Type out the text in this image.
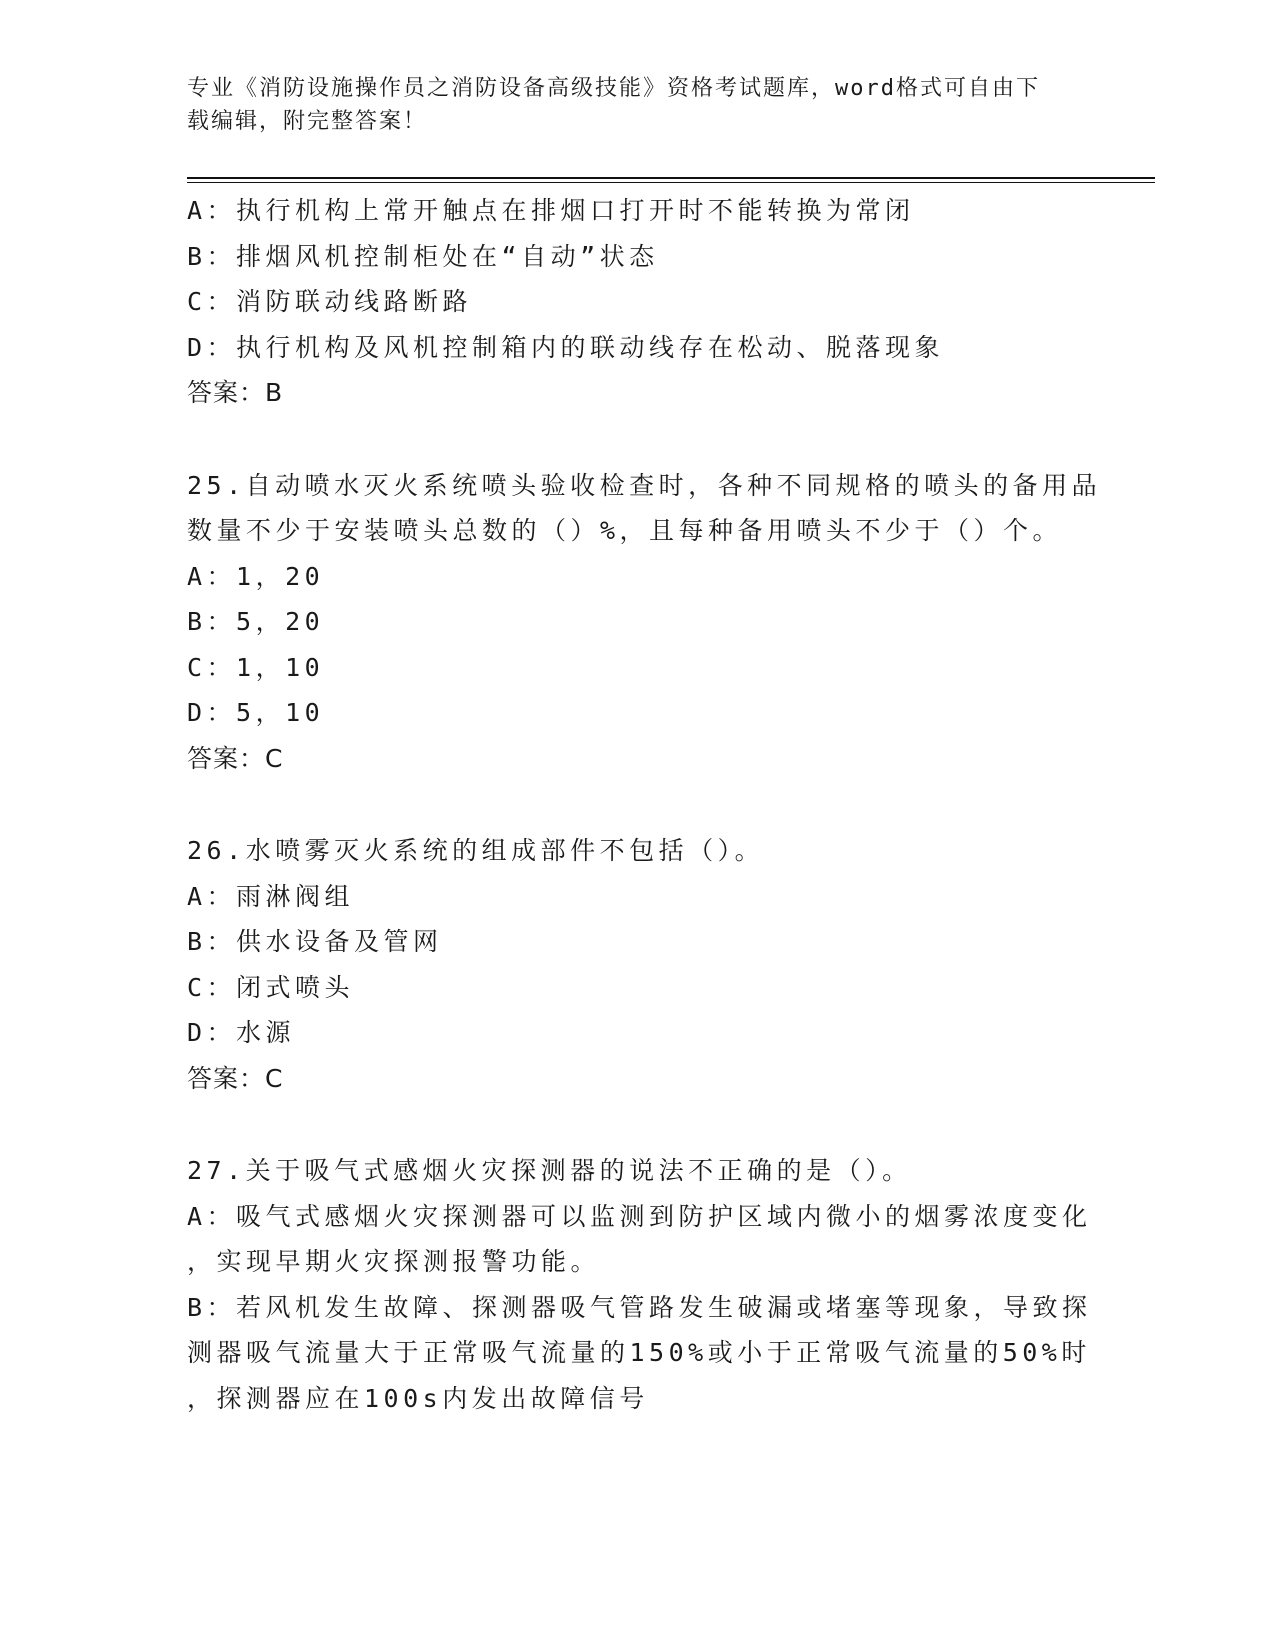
专业《消防设施操作员之消防设备高级技能》资格考试题库，word格式可自由下
载编辑，附完整答案！
A：执行机构上常开触点在排烟口打开时不能转换为常闭
B：排烟风机控制柜处在“自动”状态
C：消防联动线路断路
D：执行机构及风机控制箱内的联动线存在松动、脱落现象
答案：B
25.自动喷水灭火系统喷头验收检查时，各种不同规格的喷头的备用品
数量不少于安装喷头总数的（）%，且每种备用喷头不少于（）个。
A：1，20
B：5，20
C：1，10
D：5，10
答案：C
26.水喷雾灭火系统的组成部件不包括（）。
A：雨淋阀组
B：供水设备及管网
C：闭式喷头
D：水源
答案：C
27.关于吸气式感烟火灾探测器的说法不正确的是（）。
A：吸气式感烟火灾探测器可以监测到防护区域内微小的烟雾浓度变化
，实现早期火灾探测报警功能。
B：若风机发生故障、探测器吸气管路发生破漏或堵塞等现象，导致探
测器吸气流量大于正常吸气流量的150%或小于正常吸气流量的50%时
，探测器应在100s内发出故障信号
